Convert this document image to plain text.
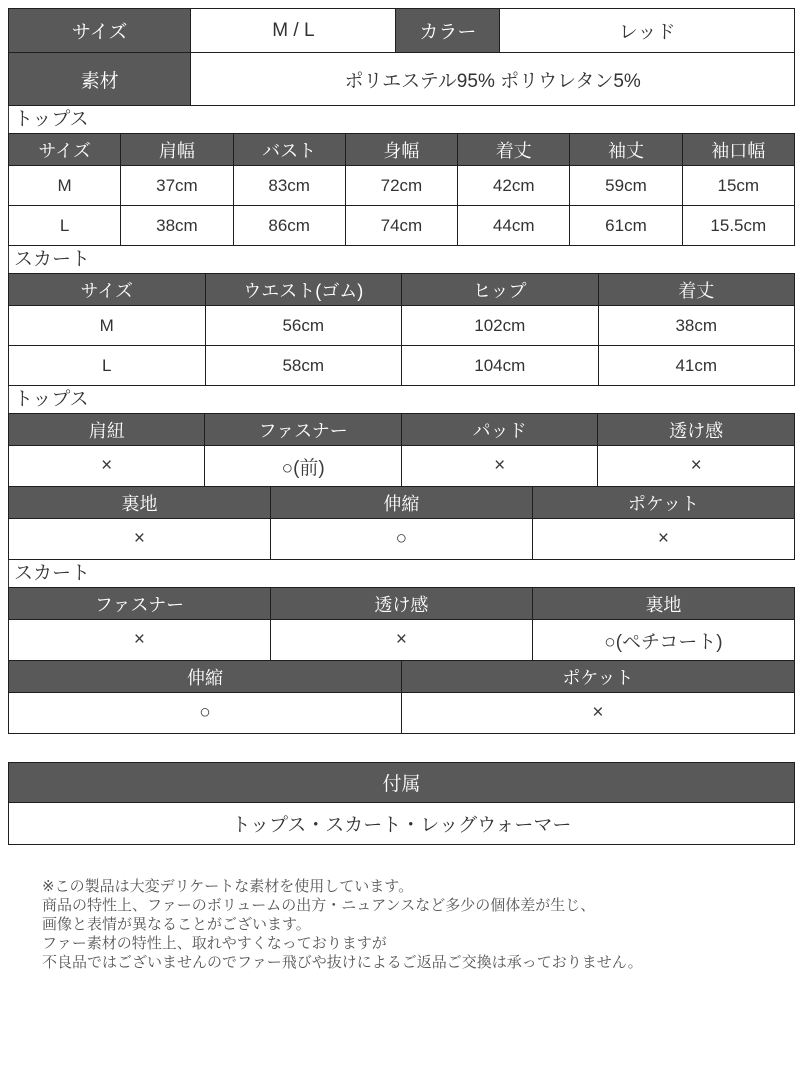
サイズ	M / L	カラー	レッド
素材	ポリエステル95% ポリウレタン5%		
トップス
サイズ	肩幅	バスト	身幅	着丈	袖丈	袖口幅
M	37cm	83cm	72cm	42cm	59cm	15cm
L	38cm	86cm	74cm	44cm	61cm	15.5cm
スカート
サイズ	ウエスト(ゴム)	ヒップ	着丈
M	56cm	102cm	38cm
L	58cm	104cm	41cm
トップス
肩紐	ファスナー		パッド		透け感
×	○(前)		×		×
裏地		伸縮		ポケット	
×		○		×	
スカート
ファスナー	透け感		裏地
×	×		○(ペチコート)
伸縮		ポケット	
○		×	
付属
トップス・スカート・レッグウォーマー
※この製品は大変デリケートな素材を使用しています。
商品の特性上、ファーのボリュームの出方・ニュアンスなど多少の個体差が生じ、
画像と表情が異なることがございます。
ファー素材の特性上、取れやすくなっておりますが
不良品ではございませんのでファー飛びや抜けによるご返品ご交換は承っておりません。
